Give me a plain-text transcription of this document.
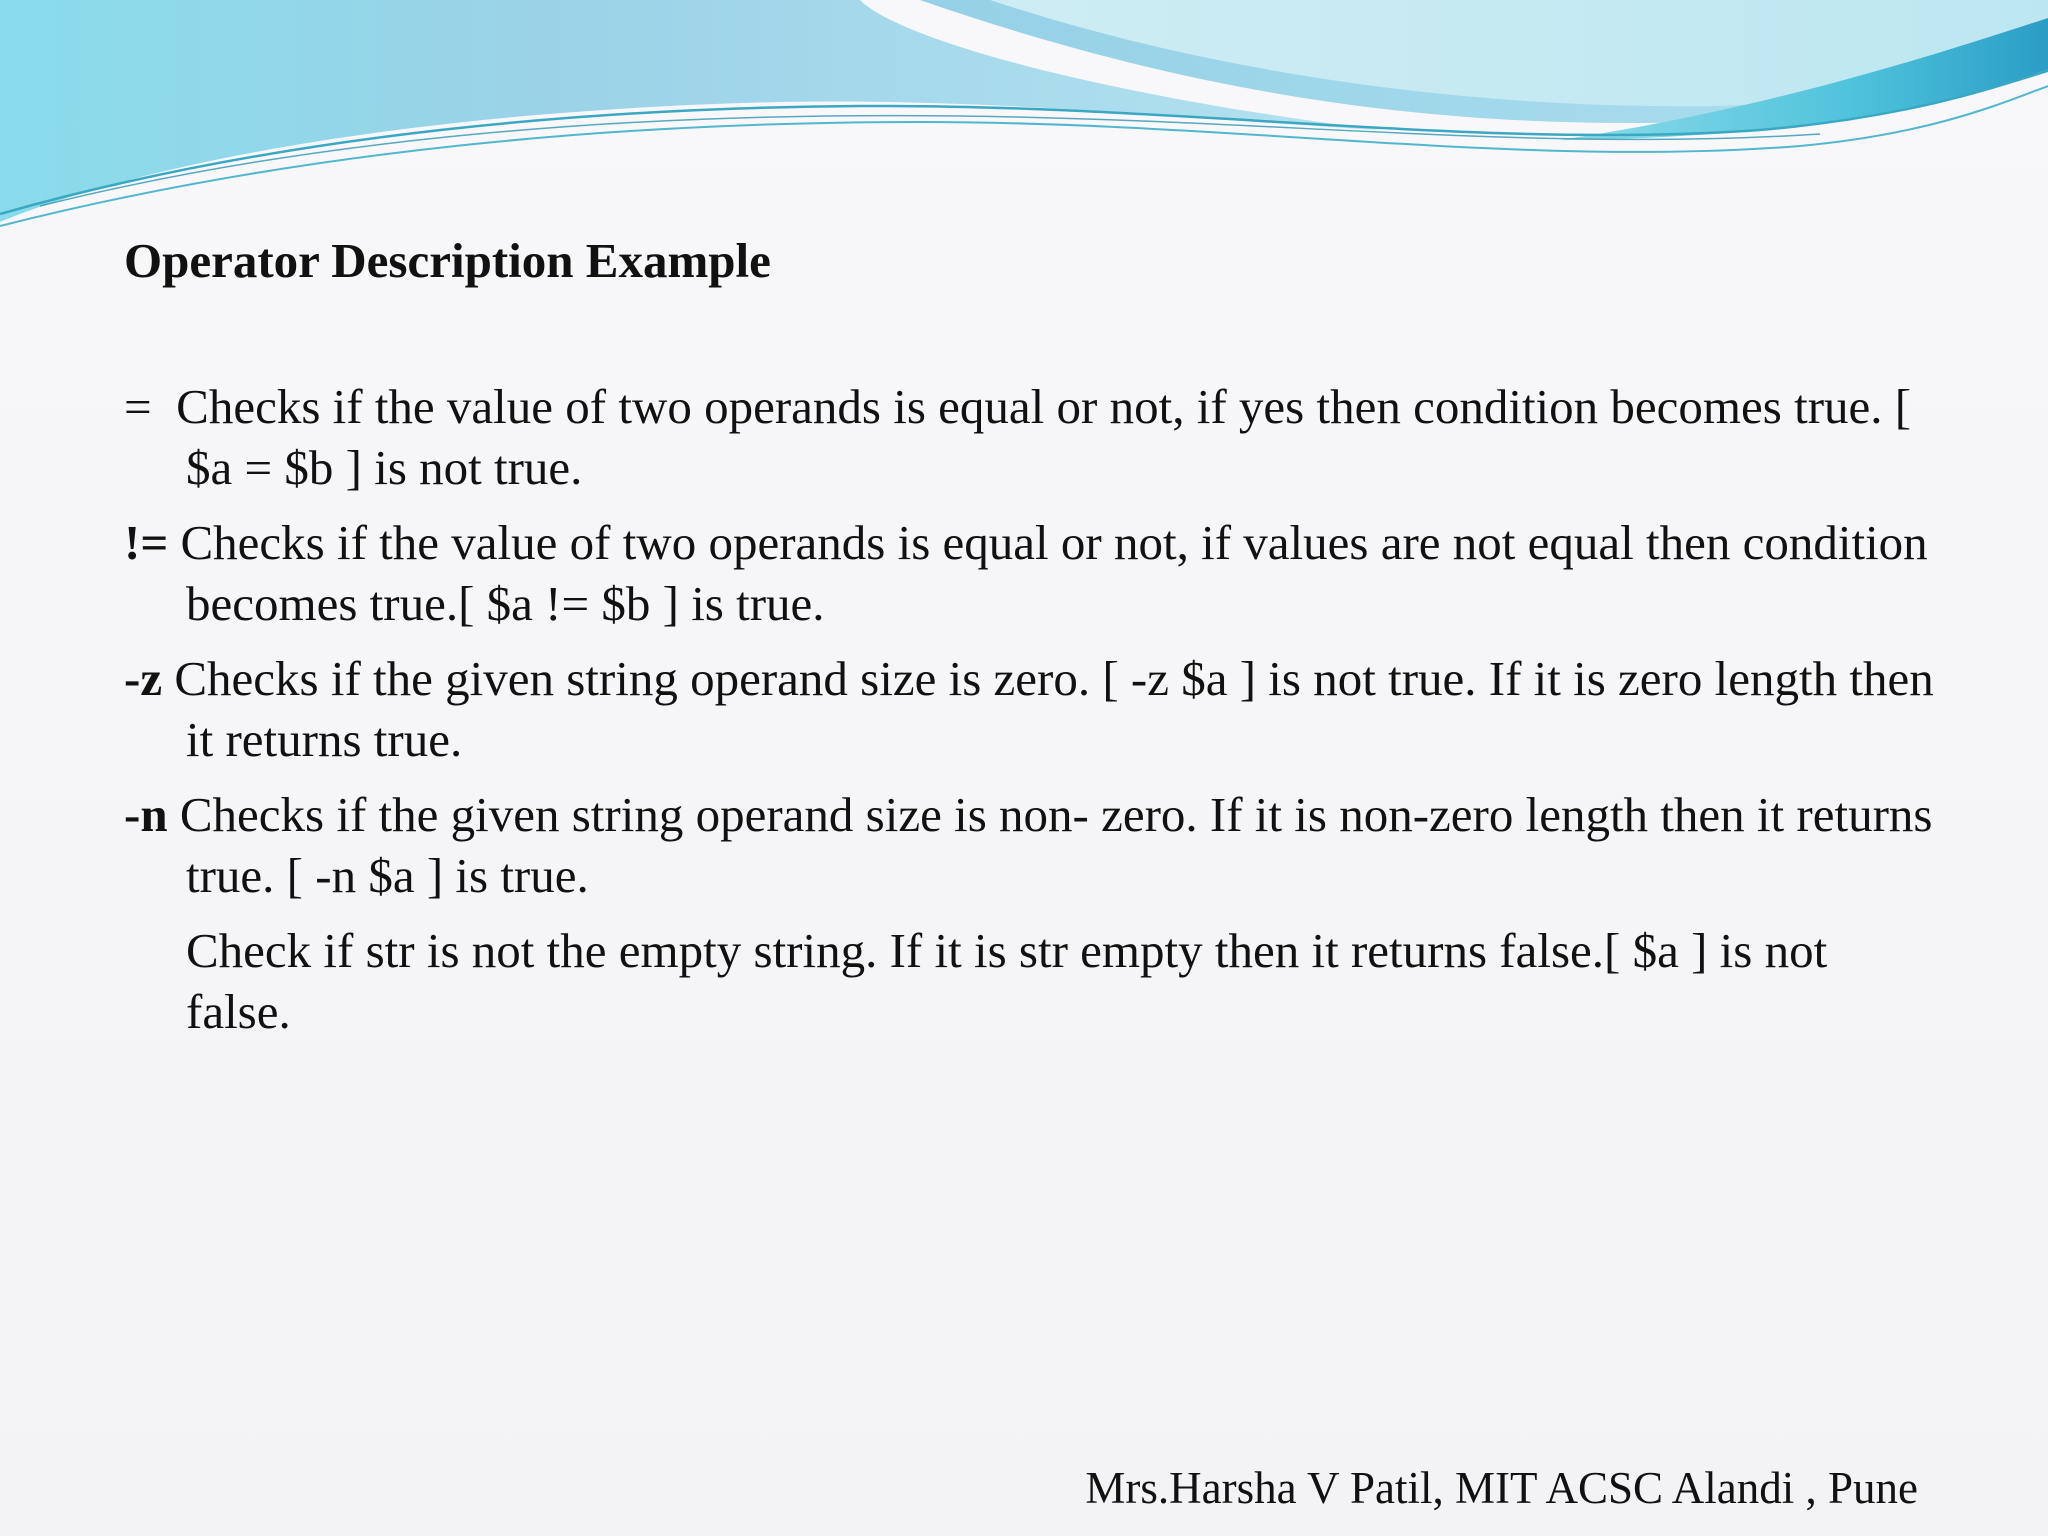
Operator Description Example

= Checks if the value of two operands is equal or not, if yes then condition becomes true. [ $a = $b ] is not true.

!= Checks if the value of two operands is equal or not, if values are not equal then condition becomes true.[ $a != $b ] is true.

-z Checks if the given string operand size is zero. [ -z $a ] is not true. If it is zero length then it returns true.

-n Checks if the given string operand size is non- zero. If it is non-zero length then it returns true. [ -n $a ] is true.

Check if str is not the empty string. If it is str empty then it returns false.[ $a ] is not false.

Mrs.Harsha V Patil, MIT ACSC Alandi , Pune
